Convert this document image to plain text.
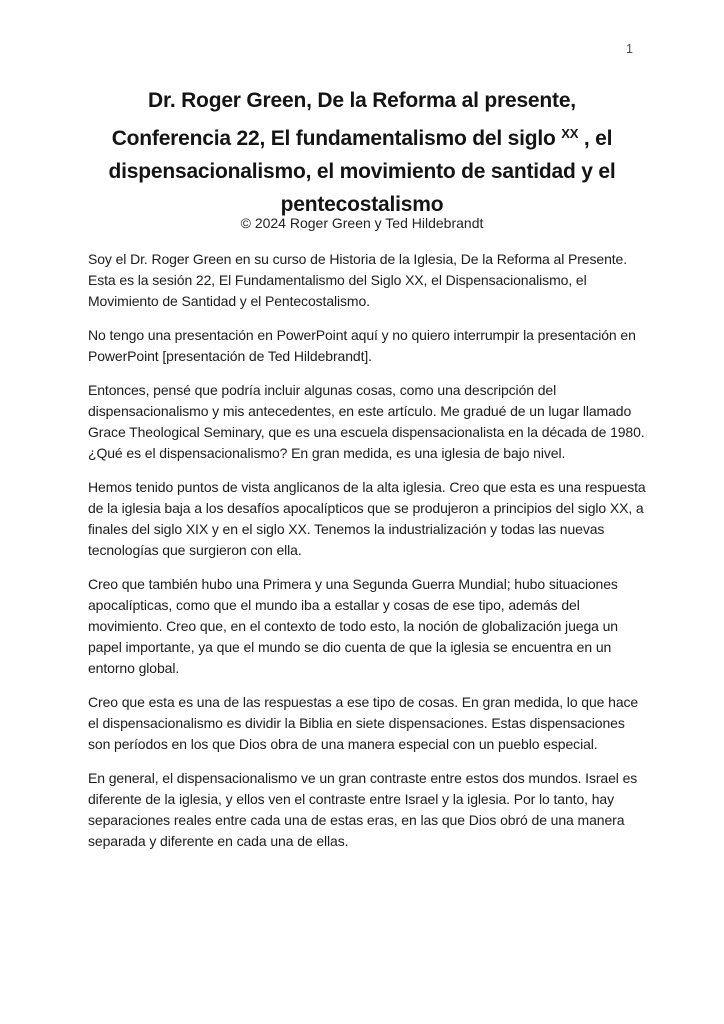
1
Dr. Roger Green, De la Reforma al presente,
Conferencia 22, El fundamentalismo del siglo $^{XX}$ , el
dispensacionalismo, el movimiento de santidad y el
pentecostalismo
© 2024 Roger Green y Ted Hildebrandt

Soy el Dr. Roger Green en su curso de Historia de la Iglesia, De la Reforma al Presente. Esta es la sesión 22, El Fundamentalismo del Siglo XX, el Dispensacionalismo, el Movimiento de Santidad y el Pentecostalismo.

No tengo una presentación en PowerPoint aquí y no quiero interrumpir la presentación en PowerPoint [presentación de Ted Hildebrandt].

Entonces, pensé que podría incluir algunas cosas, como una descripción del dispensacionalismo y mis antecedentes, en este artículo. Me gradué de un lugar llamado Grace Theological Seminary, que es una escuela dispensacionalista en la década de 1980. ¿Qué es el dispensacionalismo? En gran medida, es una iglesia de bajo nivel.

Hemos tenido puntos de vista anglicanos de la alta iglesia. Creo que esta es una respuesta de la iglesia baja a los desafíos apocalípticos que se produjeron a principios del siglo XX, a finales del siglo XIX y en el siglo XX. Tenemos la industrialización y todas las nuevas tecnologías que surgieron con ella.

Creo que también hubo una Primera y una Segunda Guerra Mundial; hubo situaciones apocalípticas, como que el mundo iba a estallar y cosas de ese tipo, además del movimiento. Creo que, en el contexto de todo esto, la noción de globalización juega un papel importante, ya que el mundo se dio cuenta de que la iglesia se encuentra en un entorno global.

Creo que esta es una de las respuestas a ese tipo de cosas. En gran medida, lo que hace el dispensacionalismo es dividir la Biblia en siete dispensaciones. Estas dispensaciones son períodos en los que Dios obra de una manera especial con un pueblo especial.

En general, el dispensacionalismo ve un gran contraste entre estos dos mundos. Israel es diferente de la iglesia, y ellos ven el contraste entre Israel y la iglesia. Por lo tanto, hay separaciones reales entre cada una de estas eras, en las que Dios obró de una manera separada y diferente en cada una de ellas.
